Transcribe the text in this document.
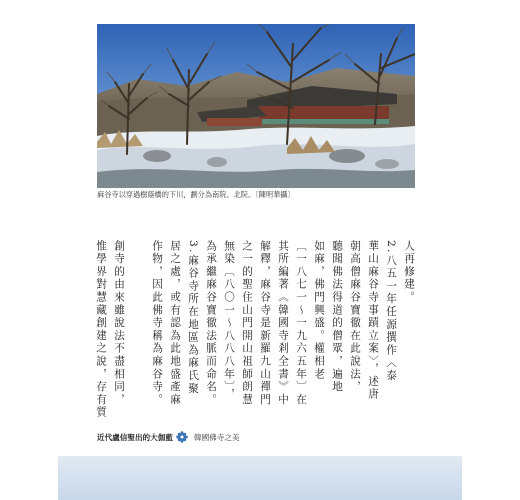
麻谷寺以穿過樹蔭橋的下川，劃分為南院、北院。〔陳明華攝〕
人再修建。
2.八五一年任源撰作〈泰
華山麻谷寺事蹟立案〉，述唐
朝高僧麻谷寶徹在此說法，
聽聞佛法得道的僧眾，遍地
如麻，佛門興盛。權相老
〔一八七一～一九六五年〕在
其所編著《韓國寺剎全書》中
解釋，麻谷寺是新羅九山禪門
之一的聖住山門開山祖師朗慧
無染〔八〇一～八八八年〕，
為承繼麻谷寶徹法脈而命名。
3.麻谷寺所在地區為麻氏聚
居之處，或有認為此地盛產麻
作物，因此佛寺稱為麻谷寺。
創寺的由來雖說法不盡相同，
惟學界對慧藏創建之說，存有質
近代盧信聖出的大伽藍	韓國佛寺之美
